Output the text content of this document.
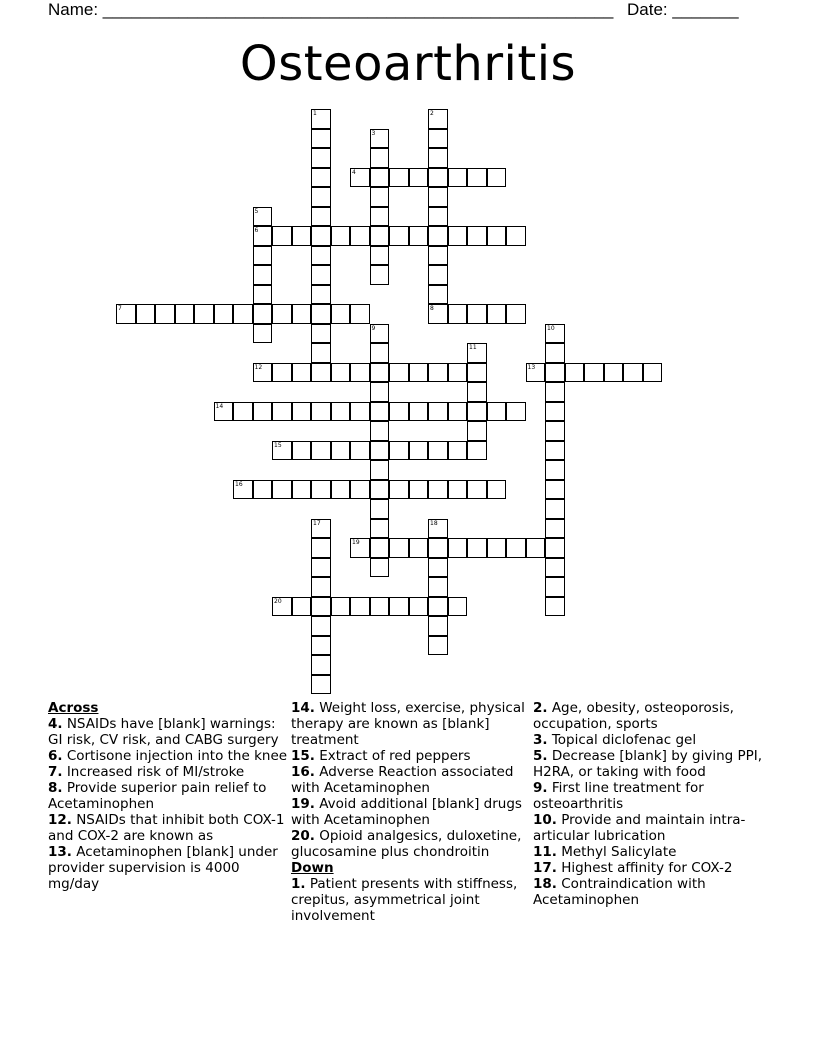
Name: ______________________________________________________ Date: _______
Osteoarthritis
1	2
8
3
4
5
6
7
9	10
11
12	13
14
15
16
17	18
19
20
Across
4. NSAIDs have [blank] warnings: GI risk, CV risk, and CABG surgery
6. Cortisone injection into the knee
7. Increased risk of MI/stroke
8. Provide superior pain relief to Acetaminophen
12. NSAIDs that inhibit both COX-1 and COX-2 are known as
13. Acetaminophen [blank] under provider supervision is 4000 mg/day
14. Weight loss, exercise, physical therapy are known as [blank] treatment
15. Extract of red peppers
16. Adverse Reaction associated with Acetaminophen
19. Avoid additional [blank] drugs with Acetaminophen
20. Opioid analgesics, duloxetine, glucosamine plus chondroitin
Down
1. Patient presents with stiffness, crepitus, asymmetrical joint involvement
2. Age, obesity, osteoporosis, occupation, sports
3. Topical diclofenac gel
5. Decrease [blank] by giving PPI, H2RA, or taking with food
9. First line treatment for osteoarthritis
10. Provide and maintain intra-articular lubrication
11. Methyl Salicylate
17. Highest affinity for COX-2
18. Contraindication with Acetaminophen
